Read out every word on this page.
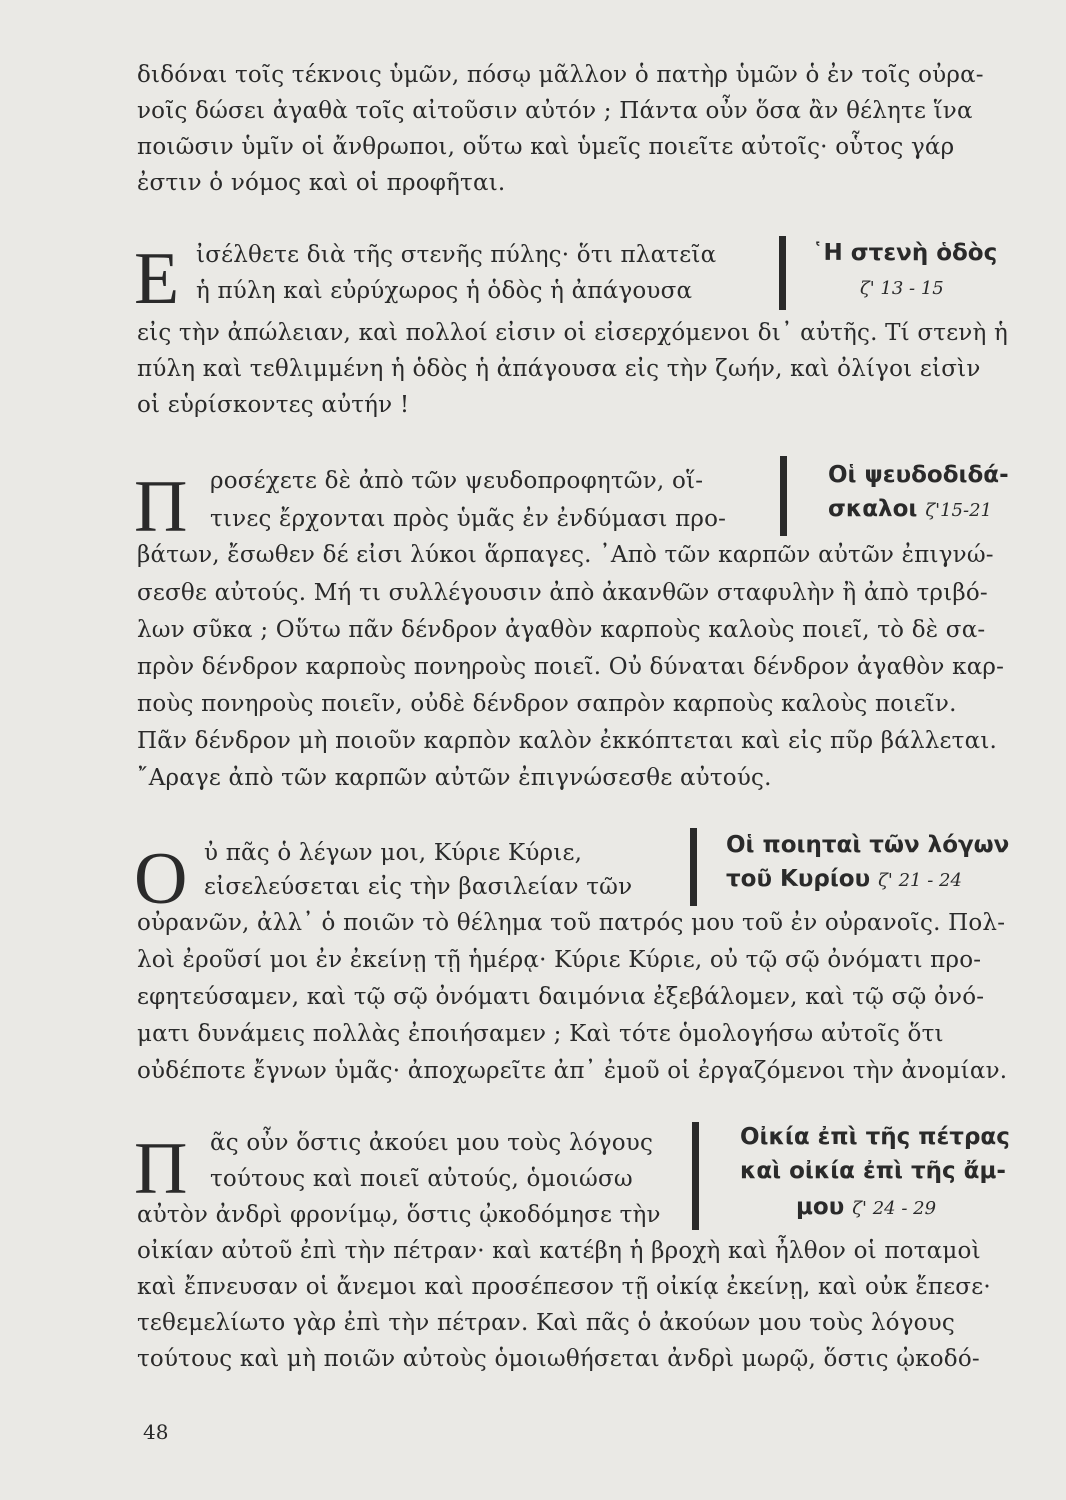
διδόναι τοῖς τέκνοις ὑμῶν, πόσῳ μᾶλλον ὁ πατὴρ ὑμῶν ὁ ἐν τοῖς οὐρα-
νοῖς δώσει ἀγαθὰ τοῖς αἰτοῦσιν αὐτόν ; Πάντα οὖν ὅσα ἂν θέλητε ἵνα
ποιῶσιν ὑμῖν οἱ ἄνθρωποι, οὕτω καὶ ὑμεῖς ποιεῖτε αὐτοῖς· οὗτος γάρ
ἐστιν ὁ νόμος καὶ οἱ προφῆται.
Ε ἰσέλθετε διὰ τῆς στενῆς πύλης· ὅτι πλατεῖα
ἡ πύλη καὶ εὐρύχωρος ἡ ὁδὸς ἡ ἀπάγουσα
῾Η στενὴ ὁδὸς
ζ' 13 - 15
εἰς τὴν ἀπώλειαν, καὶ πολλοί εἰσιν οἱ εἰσερχόμενοι δι᾽ αὐτῆς. Τί στενὴ ἡ
πύλη καὶ τεθλιμμένη ἡ ὁδὸς ἡ ἀπάγουσα εἰς τὴν ζωήν, καὶ ὀλίγοι εἰσὶν
οἱ εὑρίσκοντες αὐτήν !
Π ροσέχετε δὲ ἀπὸ τῶν ψευδοπροφητῶν, οἵ-
τινες ἔρχονται πρὸς ὑμᾶς ἐν ἐνδύμασι προ-
Οἱ ψευδοδιδά-
σκαλοι ζ'15-21
βάτων, ἔσωθεν δέ εἰσι λύκοι ἅρπαγες. ᾿Απὸ τῶν καρπῶν αὐτῶν ἐπιγνώ-
σεσθε αὐτούς. Μή τι συλλέγουσιν ἀπὸ ἀκανθῶν σταφυλὴν ἢ ἀπὸ τριβό-
λων σῦκα ; Οὕτω πᾶν δένδρον ἀγαθὸν καρποὺς καλοὺς ποιεῖ, τὸ δὲ σα-
πρὸν δένδρον καρποὺς πονηροὺς ποιεῖ. Οὐ δύναται δένδρον ἀγαθὸν καρ-
ποὺς πονηροὺς ποιεῖν, οὐδὲ δένδρον σαπρὸν καρποὺς καλοὺς ποιεῖν.
Πᾶν δένδρον μὴ ποιοῦν καρπὸν καλὸν ἐκκόπτεται καὶ εἰς πῦρ βάλλεται.
῎Αραγε ἀπὸ τῶν καρπῶν αὐτῶν ἐπιγνώσεσθε αὐτούς.
Ο ὐ πᾶς ὁ λέγων μοι, Κύριε Κύριε,
εἰσελεύσεται εἰς τὴν βασιλείαν τῶν
Οἱ ποιηταὶ τῶν λόγων
τοῦ Κυρίου ζ' 21 - 24
οὐρανῶν, ἀλλ᾽ ὁ ποιῶν τὸ θέλημα τοῦ πατρός μου τοῦ ἐν οὐρανοῖς. Πολ-
λοὶ ἐροῦσί μοι ἐν ἐκείνῃ τῇ ἡμέρᾳ· Κύριε Κύριε, οὐ τῷ σῷ ὀνόματι προ-
εφητεύσαμεν, καὶ τῷ σῷ ὀνόματι δαιμόνια ἐξεβάλομεν, καὶ τῷ σῷ ὀνό-
ματι δυνάμεις πολλὰς ἐποιήσαμεν ; Καὶ τότε ὁμολογήσω αὐτοῖς ὅτι
οὐδέποτε ἔγνων ὑμᾶς· ἀποχωρεῖτε ἀπ᾽ ἐμοῦ οἱ ἐργαζόμενοι τὴν ἀνομίαν.
Π ᾶς οὖν ὅστις ἀκούει μου τοὺς λόγους
τούτους καὶ ποιεῖ αὐτούς, ὁμοιώσω
Οἰκία ἐπὶ τῆς πέτρας
καὶ οἰκία ἐπὶ τῆς ἄμ-
μου ζ' 24 - 29
αὐτὸν ἀνδρὶ φρονίμῳ, ὅστις ᾠκοδόμησε τὴν
οἰκίαν αὐτοῦ ἐπὶ τὴν πέτραν· καὶ κατέβη ἡ βροχὴ καὶ ἦλθον οἱ ποταμοὶ
καὶ ἔπνευσαν οἱ ἄνεμοι καὶ προσέπεσον τῇ οἰκίᾳ ἐκείνῃ, καὶ οὐκ ἔπεσε·
τεθεμελίωτο γὰρ ἐπὶ τὴν πέτραν. Καὶ πᾶς ὁ ἀκούων μου τοὺς λόγους
τούτους καὶ μὴ ποιῶν αὐτοὺς ὁμοιωθήσεται ἀνδρὶ μωρῷ, ὅστις ᾠκοδό-
48
